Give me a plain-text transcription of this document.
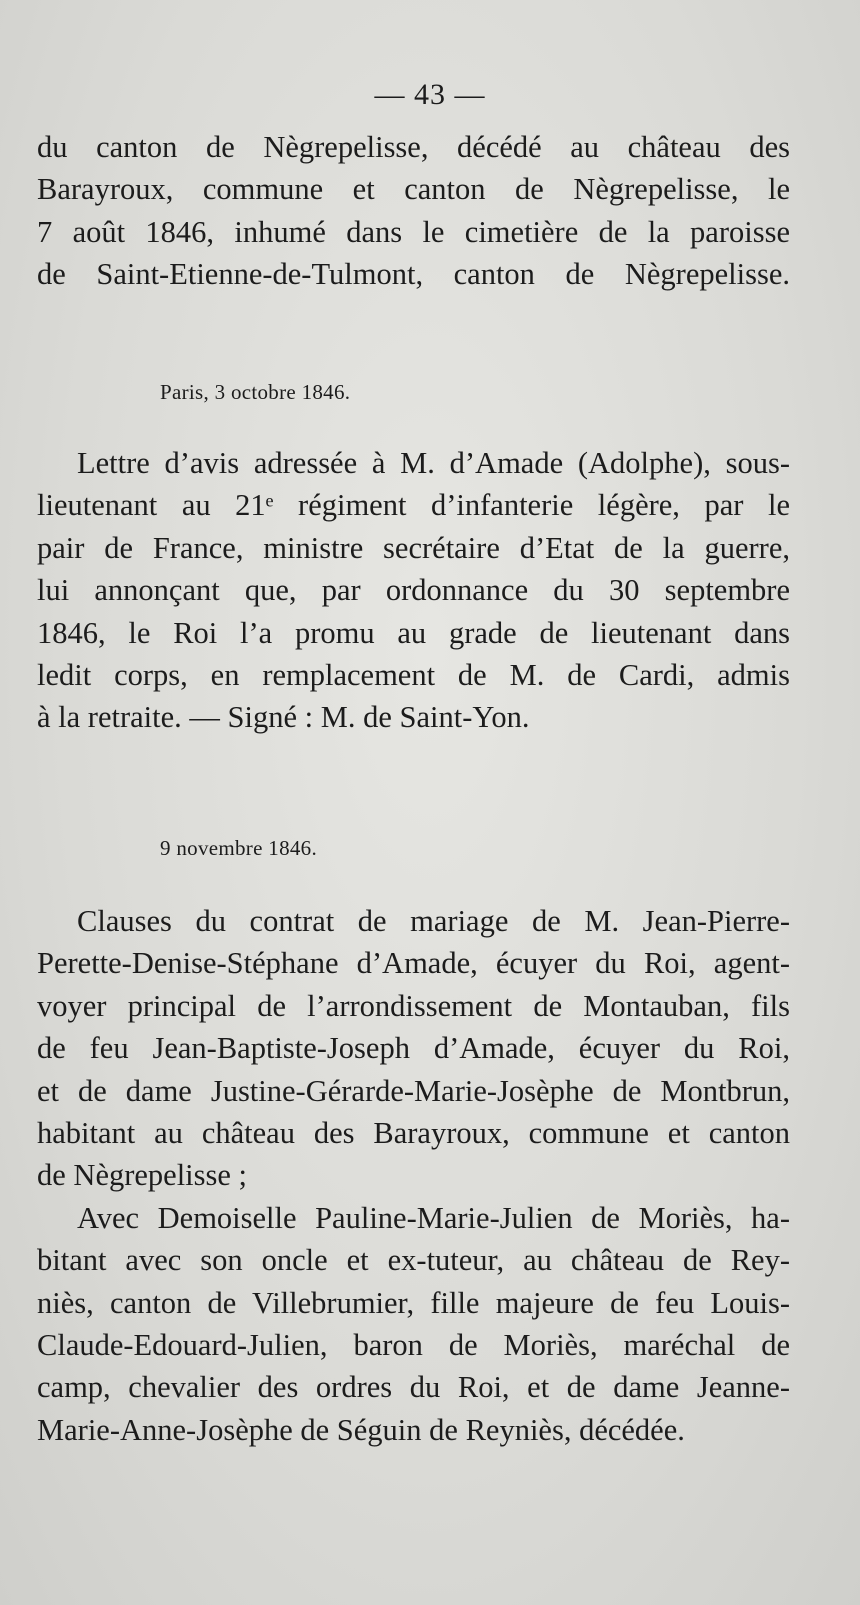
— 43 —
du canton de Nègrepelisse, décédé au château des
Barayroux, commune et canton de Nègrepelisse, le
7 août 1846, inhumé dans le cimetière de la paroisse
de Saint-Etienne-de-Tulmont, canton de Nègrepelisse.
Paris, 3 octobre 1846.
Lettre d’avis adressée à M. d’Amade (Adolphe), sous-
lieutenant au 21ᵉ régiment d’infanterie légère, par le
pair de France, ministre secrétaire d’Etat de la guerre,
lui annonçant que, par ordonnance du 30 septembre
1846, le Roi l’a promu au grade de lieutenant dans
ledit corps, en remplacement de M. de Cardi, admis
à la retraite. — Signé : M. de Saint-Yon.
9 novembre 1846.
Clauses du contrat de mariage de M. Jean-Pierre-
Perette-Denise-Stéphane d’Amade, écuyer du Roi, agent-
voyer principal de l’arrondissement de Montauban, fils
de feu Jean-Baptiste-Joseph d’Amade, écuyer du Roi,
et de dame Justine-Gérarde-Marie-Josèphe de Montbrun,
habitant au château des Barayroux, commune et canton
de Nègrepelisse ;
Avec Demoiselle Pauline-Marie-Julien de Moriès, ha-
bitant avec son oncle et ex-tuteur, au château de Rey-
niès, canton de Villebrumier, fille majeure de feu Louis-
Claude-Edouard-Julien, baron de Moriès, maréchal de
camp, chevalier des ordres du Roi, et de dame Jeanne-
Marie-Anne-Josèphe de Séguin de Reyniès, décédée.
